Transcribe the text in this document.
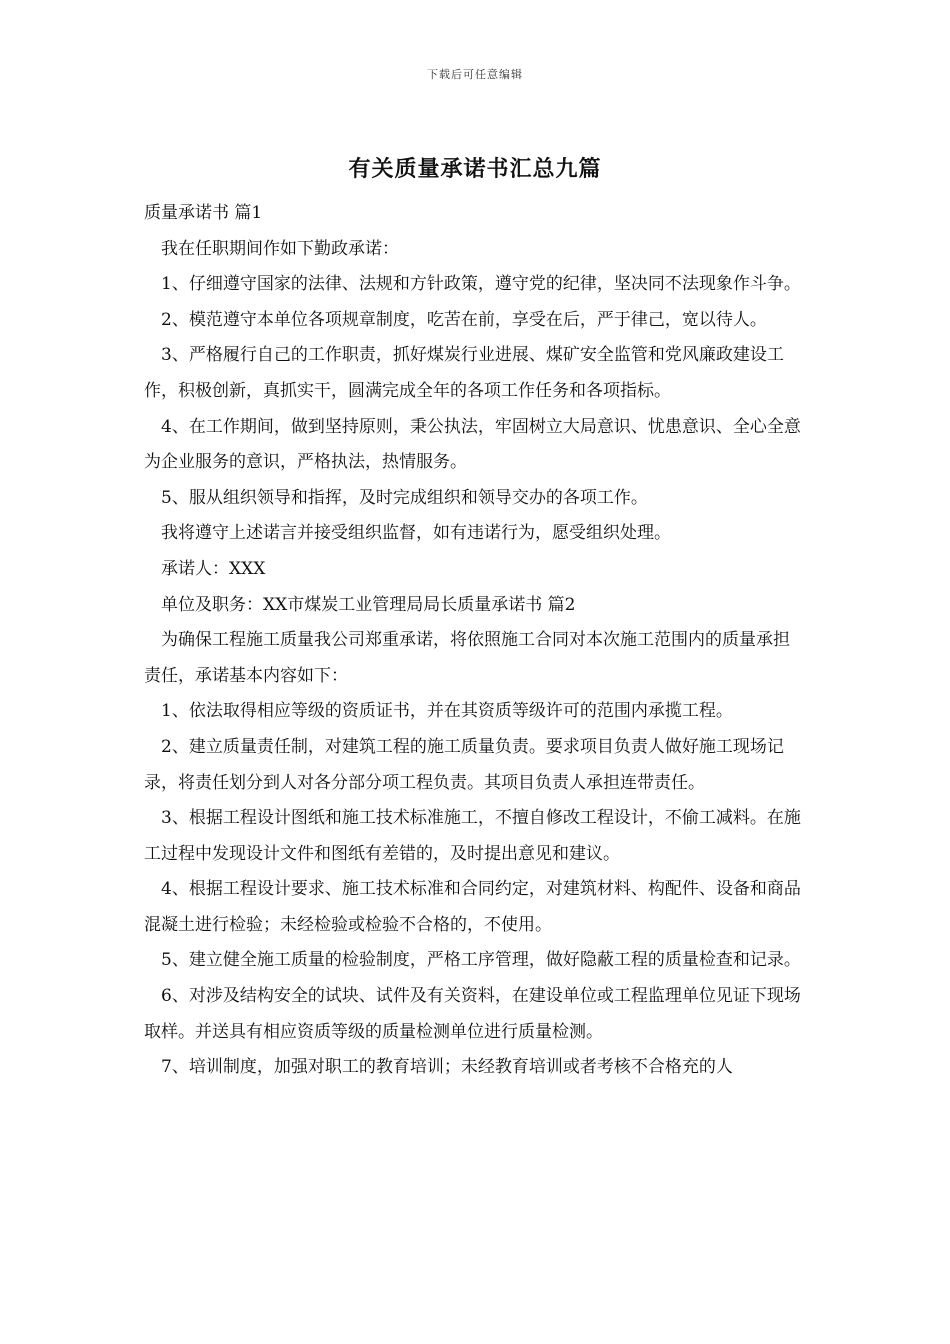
下载后可任意编辑
有关质量承诺书汇总九篇

质量承诺书 篇1

我在任职期间作如下勤政承诺：

1、仔细遵守国家的法律、法规和方针政策，遵守党的纪律，坚决同不法现象作斗争。

2、模范遵守本单位各项规章制度，吃苦在前，享受在后，严于律己，宽以待人。

3、严格履行自己的工作职责，抓好煤炭行业进展、煤矿安全监管和党风廉政建设工作，积极创新，真抓实干，圆满完成全年的各项工作任务和各项指标。

4、在工作期间，做到坚持原则，秉公执法，牢固树立大局意识、忧患意识、全心全意为企业服务的意识，严格执法，热情服务。

5、服从组织领导和指挥，及时完成组织和领导交办的各项工作。

我将遵守上述诺言并接受组织监督，如有违诺行为，愿受组织处理。

承诺人：XXX

单位及职务：XX市煤炭工业管理局局长质量承诺书 篇2

为确保工程施工质量我公司郑重承诺，将依照施工合同对本次施工范围内的质量承担责任，承诺基本内容如下：

1、依法取得相应等级的资质证书，并在其资质等级许可的范围内承揽工程。

2、建立质量责任制，对建筑工程的施工质量负责。要求项目负责人做好施工现场记录，将责任划分到人对各分部分项工程负责。其项目负责人承担连带责任。

3、根据工程设计图纸和施工技术标准施工，不擅自修改工程设计，不偷工减料。在施工过程中发现设计文件和图纸有差错的，及时提出意见和建议。

4、根据工程设计要求、施工技术标准和合同约定，对建筑材料、构配件、设备和商品混凝土进行检验；未经检验或检验不合格的，不使用。

5、建立健全施工质量的检验制度，严格工序管理，做好隐蔽工程的质量检查和记录。

6、对涉及结构安全的试块、试件及有关资料，在建设单位或工程监理单位见证下现场取样。并送具有相应资质等级的质量检测单位进行质量检测。

7、培训制度，加强对职工的教育培训；未经教育培训或者考核不合格充的人
